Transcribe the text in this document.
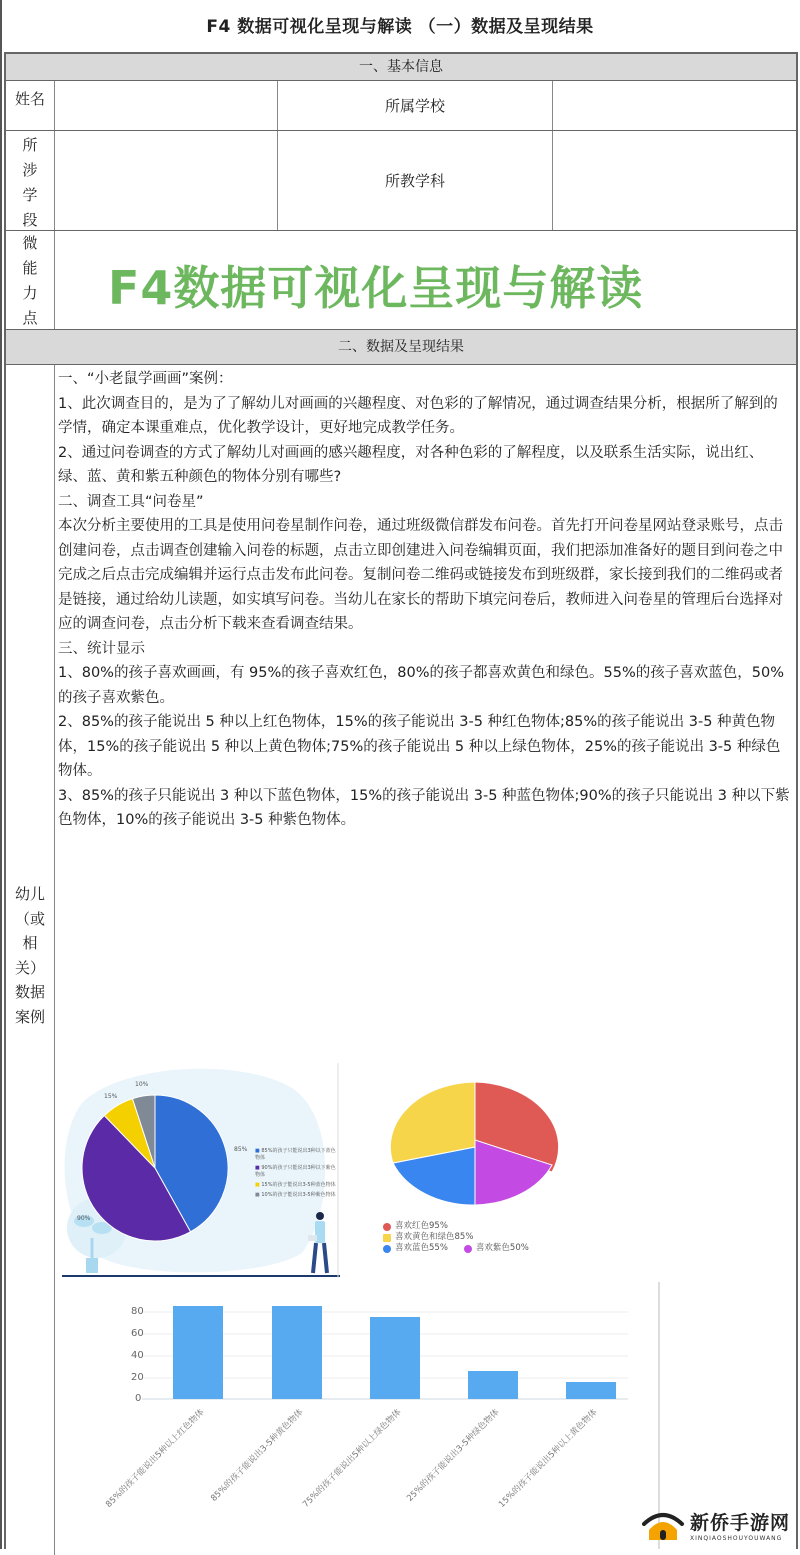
F4 数据可视化呈现与解读 （一）数据及呈现结果
一、基本信息
姓名	所属学校
所
涉
学
段
所教学科
微
能
力
点
二、数据及呈现结果
幼儿
（或
相
关）
数据
案例
F4数据可视化呈现与解读

一、“小老鼠学画画”案例：

1、此次调查目的，是为了了解幼儿对画画的兴趣程度、对色彩的了解情况，通过调查结果分析，根据所了解到的学情，确定本课重难点，优化教学设计，更好地完成教学任务。

2、通过问卷调查的方式了解幼儿对画画的感兴趣程度，对各种色彩的了解程度，以及联系生活实际，说出红、绿、蓝、黄和紫五种颜色的物体分别有哪些?

二、调查工具“问卷星”

本次分析主要使用的工具是使用问卷星制作问卷，通过班级微信群发布问卷。首先打开问卷星网站登录账号，点击创建问卷，点击调查创建输入问卷的标题，点击立即创建进入问卷编辑页面，我们把添加准备好的题目到问卷之中完成之后点击完成编辑并运行点击发布此问卷。复制问卷二维码或链接发布到班级群，家长接到我们的二维码或者是链接，通过给幼儿读题，如实填写问卷。当幼儿在家长的帮助下填完问卷后，教师进入问卷星的管理后台选择对应的调查问卷，点击分析下载来查看调查结果。

三、统计显示

1、80%的孩子喜欢画画，有 95%的孩子喜欢红色，80%的孩子都喜欢黄色和绿色。55%的孩子喜欢蓝色，50%的孩子喜欢紫色。

2、85%的孩子能说出 5 种以上红色物体，15%的孩子能说出 3-5 种红色物体;85%的孩子能说出 3-5 种黄色物体，15%的孩子能说出 5 种以上黄色物体;75%的孩子能说出 5 种以上绿色物体，25%的孩子能说出 3-5 种绿色物体。

3、85%的孩子只能说出 3 种以下蓝色物体，15%的孩子能说出 3-5 种蓝色物体;90%的孩子只能说出 3 种以下紫色物体，10%的孩子能说出 3-5 种紫色物体。

10%
15%
85%
90%
■ 85%的孩子只能说出3种以下蓝色物体
■ 90%的孩子只能说出3种以下紫色物体
■ 15%的孩子能说出3-5种蓝色物体
■ 10%的孩子能说出3-5种紫色物体
喜欢红色95%
喜欢黄色和绿色85%
喜欢蓝色55%	喜欢紫色50%
80
60
40
20
0
85%的孩子能说出5种以上红色物体 85%的孩子能说出3-5种黄色物体
75%的孩子能说出5种以上绿色物体 25%的孩子能说出3-5种绿色物体
15%的孩子能说出5种以上黄色物体
新侨手游网
XINQIAOSHOUYOUWANG
